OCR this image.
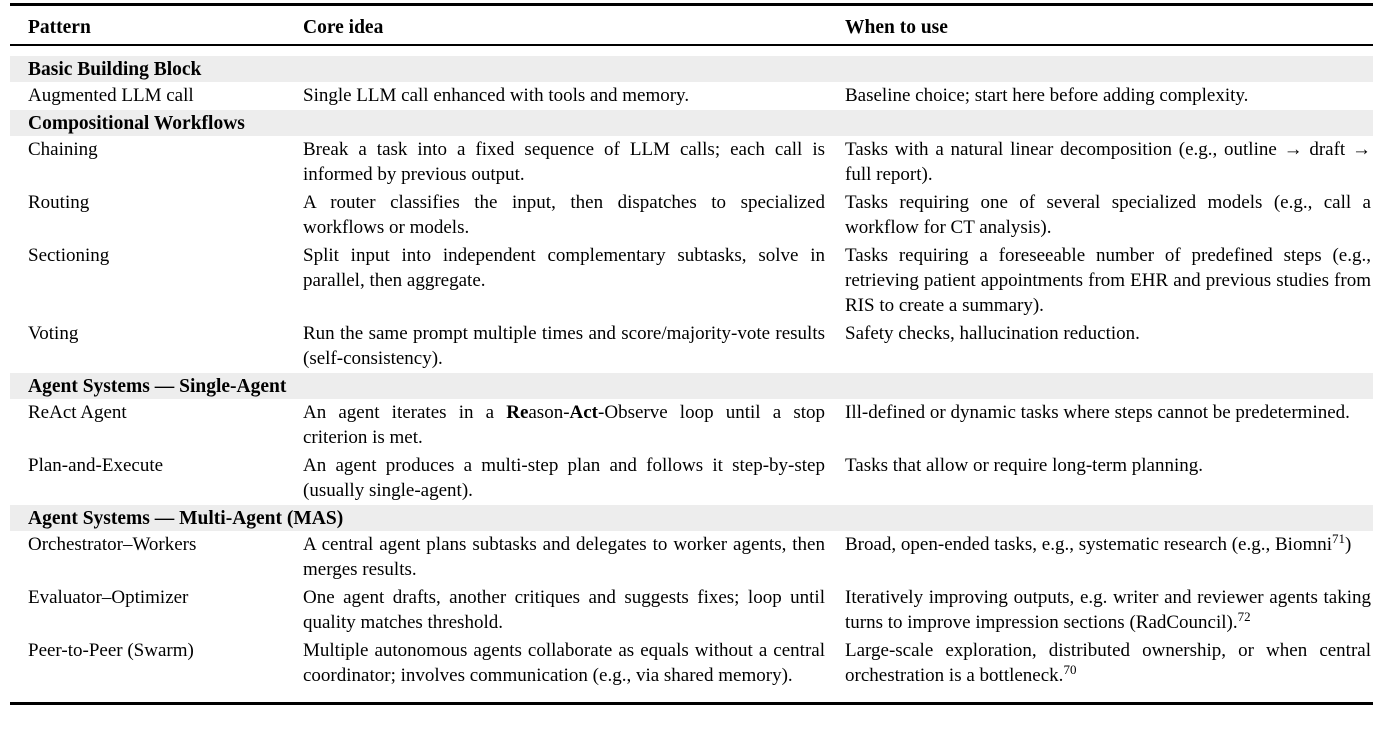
Pattern	Core idea	When to use

Basic Building Block		
Augmented LLM call	Single LLM call enhanced with tools and memory.	Baseline choice; start here before adding complexity.
Compositional Workflows		
Chaining	Break a task into a fixed sequence of LLM calls; each call is informed by previous output.	Tasks with a natural linear decomposition (e.g., outline → draft → full report).
Routing	A router classifies the input, then dispatches to specialized workflows or models.	Tasks requiring one of several specialized models (e.g., call a workflow for CT analysis).
Sectioning	Split input into independent complementary subtasks, solve in parallel, then aggregate.	Tasks requiring a foreseeable number of predefined steps (e.g., retrieving patient appointments from EHR and previous studies from RIS to create a summary).
Voting	Run the same prompt multiple times and score/majority-vote results (self-consistency).	Safety checks, hallucination reduction.
Agent Systems — Single-Agent		
ReAct Agent	An agent iterates in a Reason-Act-Observe loop until a stop criterion is met.	Ill-defined or dynamic tasks where steps cannot be predetermined.
Plan-and-Execute	An agent produces a multi-step plan and follows it step-by-step (usually single-agent).	Tasks that allow or require long-term planning.
Agent Systems — Multi-Agent (MAS)		
Orchestrator–Workers	A central agent plans subtasks and delegates to worker agents, then merges results.	Broad, open-ended tasks, e.g., systematic research (e.g., Biomni$^{71}$)
Evaluator–Optimizer	One agent drafts, another critiques and suggests fixes; loop until quality matches threshold.	Iteratively improving outputs, e.g. writer and reviewer agents taking turns to improve impression sections (RadCouncil).$^{72}$
Peer-to-Peer (Swarm)	Multiple autonomous agents collaborate as equals without a central coordinator; involves communication (e.g., via shared memory).	Large-scale exploration, distributed ownership, or when central orchestration is a bottleneck.$^{70}$
